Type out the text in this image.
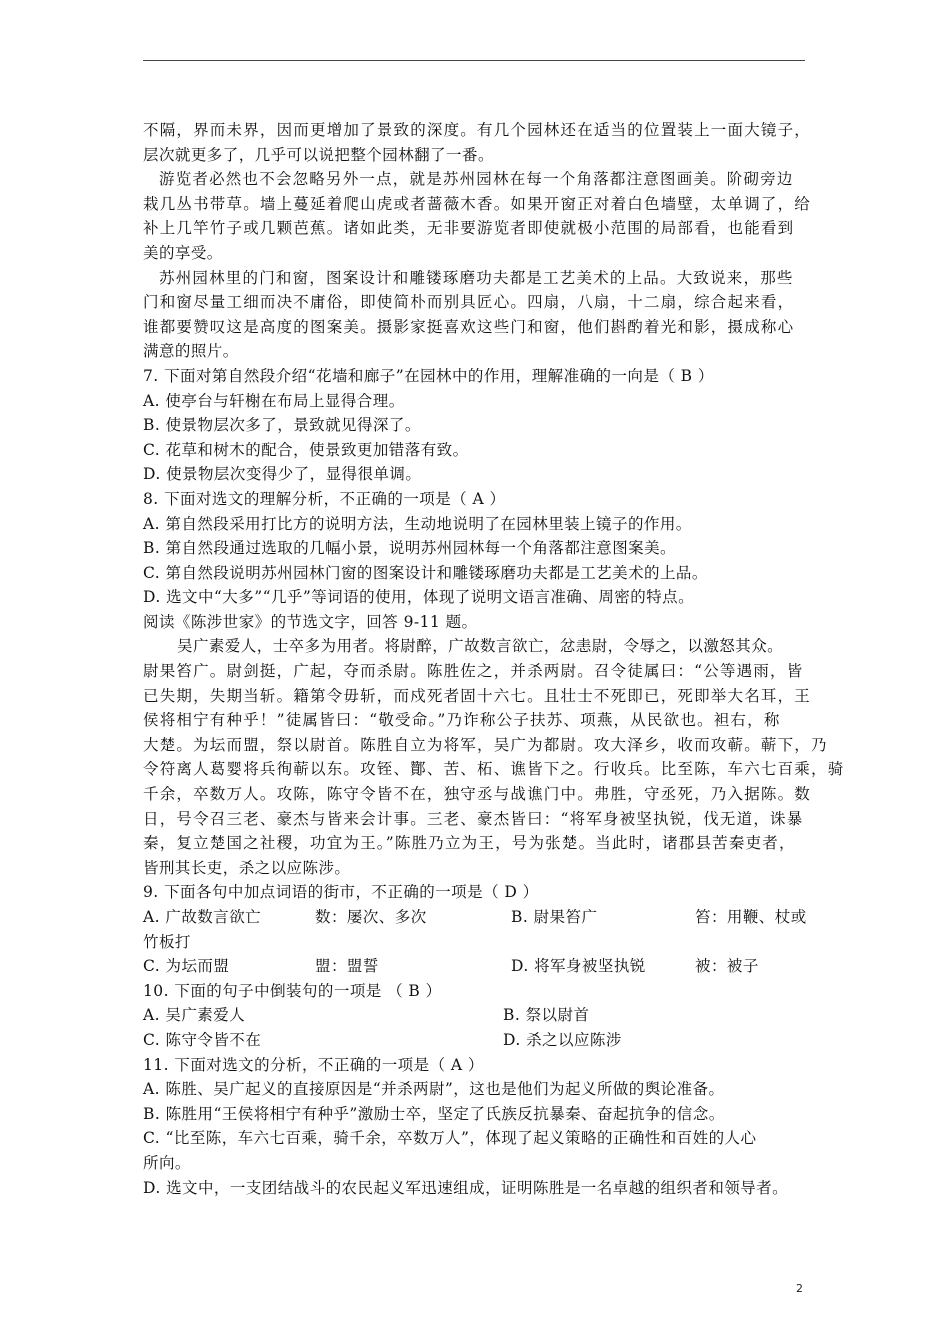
不隔，界而未界，因而更增加了景致的深度。有几个园林还在适当的位置装上一面大镜子，
层次就更多了，几乎可以说把整个园林翻了一番。
游览者必然也不会忽略另外一点，就是苏州园林在每一个角落都注意图画美。阶砌旁边
栽几丛书带草。墙上蔓延着爬山虎或者蔷薇木香。如果开窗正对着白色墙壁，太单调了，给
补上几竿竹子或几颗芭蕉。诸如此类，无非要游览者即使就极小范围的局部看，也能看到
美的享受。
苏州园林里的门和窗，图案设计和雕镂琢磨功夫都是工艺美术的上品。大致说来，那些
门和窗尽量工细而决不庸俗，即使简朴而别具匠心。四扇，八扇，十二扇，综合起来看，
谁都要赞叹这是高度的图案美。摄影家挺喜欢这些门和窗，他们斟酌着光和影，摄成称心
满意的照片。
7. 下面对第自然段介绍“花墙和廊子”在园林中的作用，理解准确的一向是（ B ）
A. 使亭台与轩榭在布局上显得合理。
B. 使景物层次多了，景致就见得深了。
C. 花草和树木的配合，使景致更加错落有致。
D. 使景物层次变得少了，显得很单调。
8. 下面对选文的理解分析，不正确的一项是（ A ）
A. 第自然段采用打比方的说明方法，生动地说明了在园林里装上镜子的作用。
B. 第自然段通过选取的几幅小景，说明苏州园林每一个角落都注意图案美。
C. 第自然段说明苏州园林门窗的图案设计和雕镂琢磨功夫都是工艺美术的上品。
D. 选文中“大多”“几乎”等词语的使用，体现了说明文语言准确、周密的特点。
阅读《陈涉世家》的节选文字，回答 9-11 题。
吴广素爱人，士卒多为用者。将尉醉，广故数言欲亡，忿恚尉，令辱之，以激怒其众。
尉果笞广。尉剑挺，广起，夺而杀尉。陈胜佐之，并杀两尉。召令徒属曰：“公等遇雨，皆
已失期，失期当斩。籍第令毋斩，而戍死者固十六七。且壮士不死即已，死即举大名耳，王
侯将相宁有种乎！”徒属皆曰：“敬受命。”乃诈称公子扶苏、项燕，从民欲也。袒右，称
大楚。为坛而盟，祭以尉首。陈胜自立为将军，吴广为都尉。攻大泽乡，收而攻蕲。蕲下，乃
令符离人葛婴将兵徇蕲以东。攻铚、酇、苦、柘、谯皆下之。行收兵。比至陈，车六七百乘，骑
千余，卒数万人。攻陈，陈守令皆不在，独守丞与战谯门中。弗胜，守丞死，乃入据陈。数
日，号令召三老、豪杰与皆来会计事。三老、豪杰皆曰：“将军身被坚执锐，伐无道，诛暴
秦，复立楚国之社稷，功宜为王。”陈胜乃立为王，号为张楚。当此时，诸郡县苦秦吏者，
皆刑其长吏，杀之以应陈涉。
9. 下面各句中加点词语的街市，不正确的一项是（ D ）
A. 广故数言欲亡	数：屡次、多次	B. 尉果笞广	笞：用鞭、杖或
竹板打
C. 为坛而盟	盟：盟誓	D. 将军身被坚执锐	被：被子
10. 下面的句子中倒装句的一项是 （ B ）
A. 吴广素爱人	B. 祭以尉首
C. 陈守令皆不在	D. 杀之以应陈涉
11. 下面对选文的分析，不正确的一项是（ A ）
A. 陈胜、吴广起义的直接原因是“并杀两尉”，这也是他们为起义所做的舆论准备。
B. 陈胜用“王侯将相宁有种乎”激励士卒，坚定了氏族反抗暴秦、奋起抗争的信念。
C. “比至陈，车六七百乘，骑千余，卒数万人”，体现了起义策略的正确性和百姓的人心
所向。
D. 选文中，一支团结战斗的农民起义军迅速组成，证明陈胜是一名卓越的组织者和领导者。
2
